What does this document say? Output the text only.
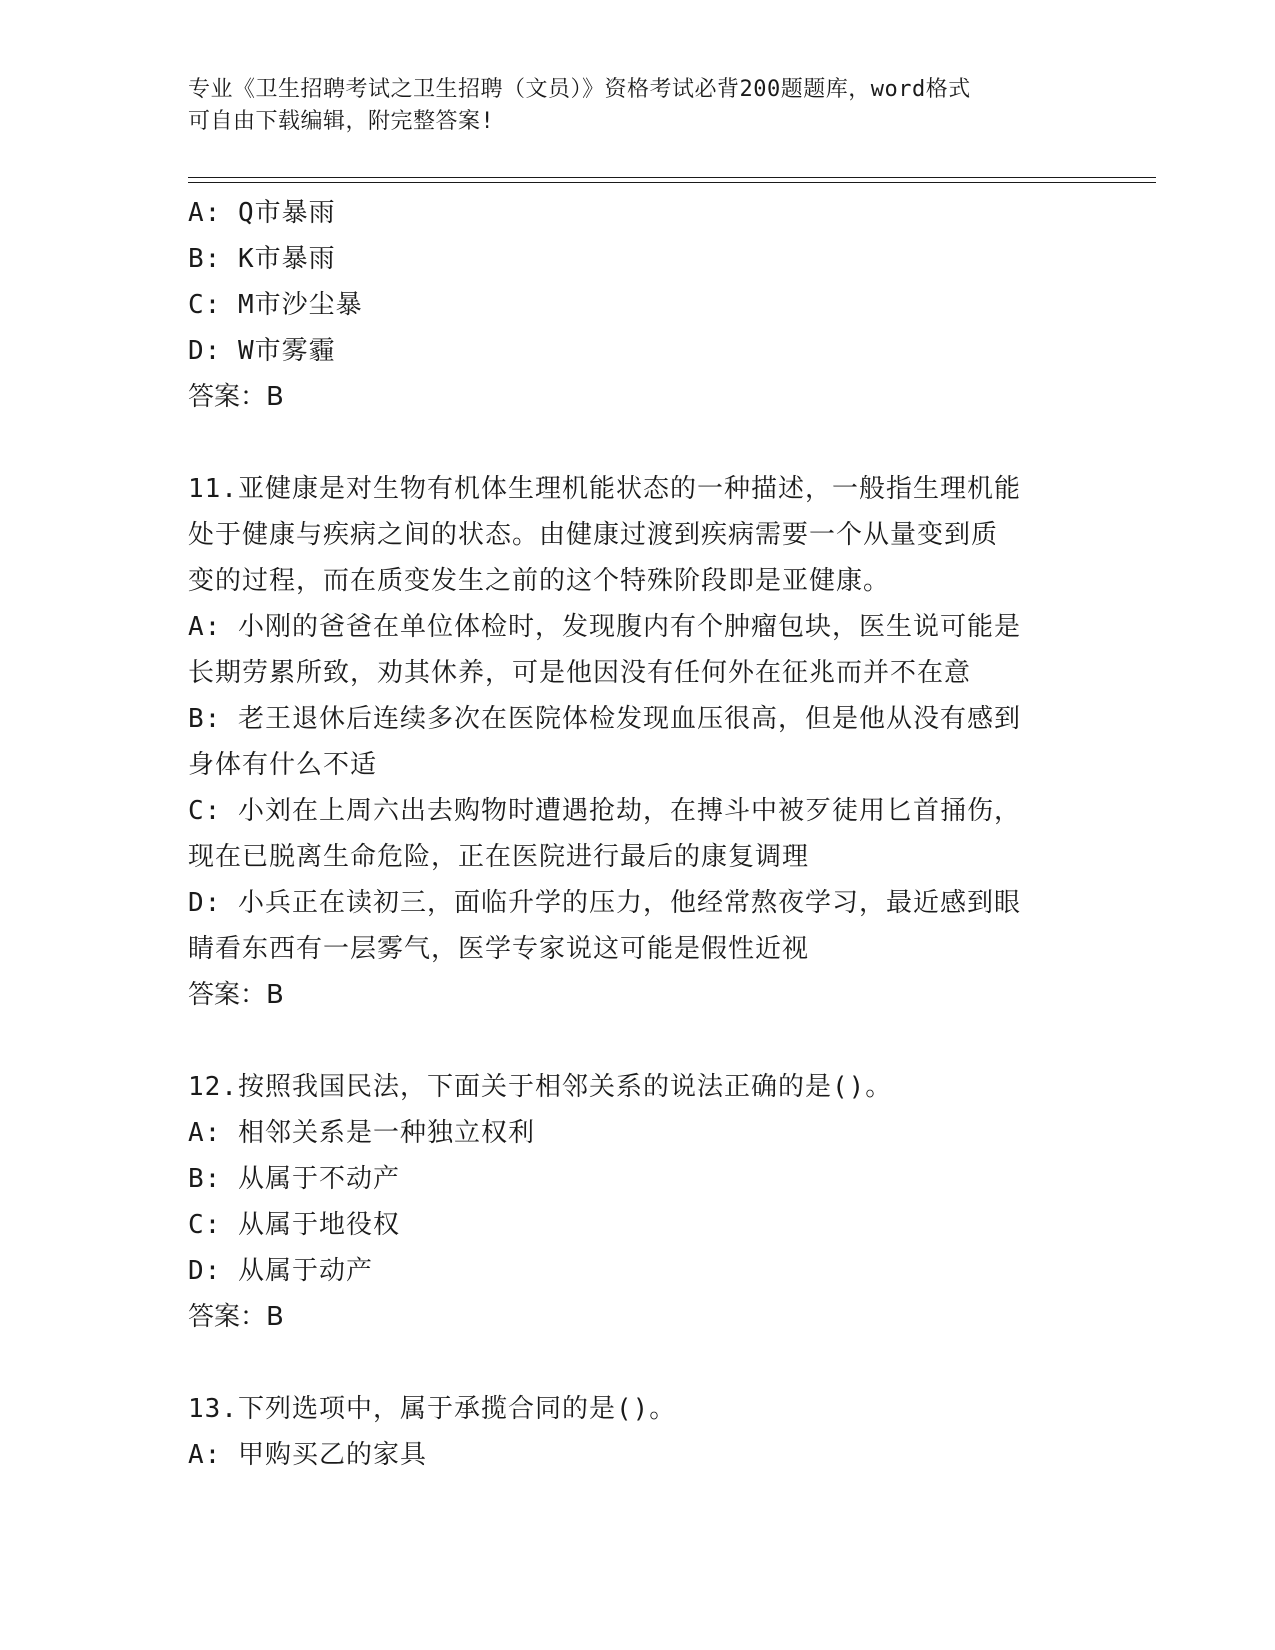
专业《卫生招聘考试之卫生招聘（文员）》资格考试必背200题题库，word格式

可自由下载编辑，附完整答案!

A: Q市暴雨
B: K市暴雨
C: M市沙尘暴
D: W市雾霾
答案：B
11.亚健康是对生物有机体生理机能状态的一种描述，一般指生理机能
处于健康与疾病之间的状态。由健康过渡到疾病需要一个从量变到质
变的过程，而在质变发生之前的这个特殊阶段即是亚健康。
A: 小刚的爸爸在单位体检时，发现腹内有个肿瘤包块，医生说可能是
长期劳累所致，劝其休养，可是他因没有任何外在征兆而并不在意
B: 老王退休后连续多次在医院体检发现血压很高，但是他从没有感到
身体有什么不适
C: 小刘在上周六出去购物时遭遇抢劫，在搏斗中被歹徒用匕首捅伤，
现在已脱离生命危险，正在医院进行最后的康复调理
D: 小兵正在读初三，面临升学的压力，他经常熬夜学习，最近感到眼
睛看东西有一层雾气，医学专家说这可能是假性近视
答案：B
12.按照我国民法，下面关于相邻关系的说法正确的是()。
A: 相邻关系是一种独立权利
B: 从属于不动产
C: 从属于地役权
D: 从属于动产
答案：B
13.下列选项中，属于承揽合同的是()。
A: 甲购买乙的家具
